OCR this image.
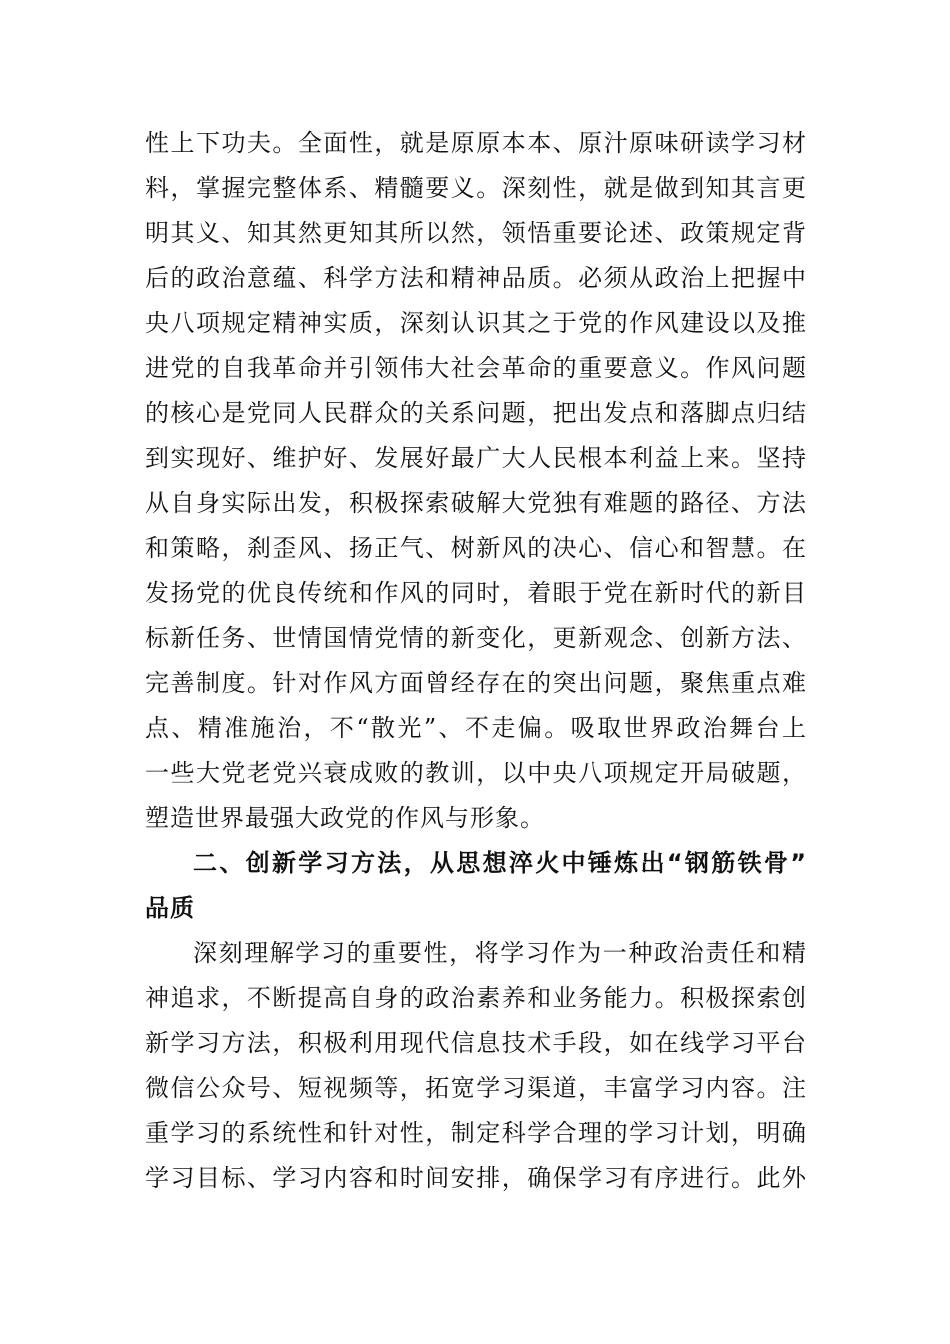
性上下功夫。全面性，就是原原本本、原汁原味研读学习材
料，掌握完整体系、精髓要义。深刻性，就是做到知其言更
明其义、知其然更知其所以然，领悟重要论述、政策规定背
后的政治意蕴、科学方法和精神品质。必须从政治上把握中
央八项规定精神实质，深刻认识其之于党的作风建设以及推
进党的自我革命并引领伟大社会革命的重要意义。作风问题
的核心是党同人民群众的关系问题，把出发点和落脚点归结
到实现好、维护好、发展好最广大人民根本利益上来。坚持
从自身实际出发，积极探索破解大党独有难题的路径、方法
和策略，刹歪风、扬正气、树新风的决心、信心和智慧。在
发扬党的优良传统和作风的同时，着眼于党在新时代的新目
标新任务、世情国情党情的新变化，更新观念、创新方法、
完善制度。针对作风方面曾经存在的突出问题，聚焦重点难
点、精准施治，不“散光”、不走偏。吸取世界政治舞台上
一些大党老党兴衰成败的教训，以中央八项规定开局破题，
塑造世界最强大政党的作风与形象。
二、创新学习方法，从思想淬火中锤炼出“钢筋铁骨”
品质
深刻理解学习的重要性，将学习作为一种政治责任和精
神追求，不断提高自身的政治素养和业务能力。积极探索创
新学习方法，积极利用现代信息技术手段，如在线学习平台
微信公众号、短视频等，拓宽学习渠道，丰富学习内容。注
重学习的系统性和针对性，制定科学合理的学习计划，明确
学习目标、学习内容和时间安排，确保学习有序进行。此外
